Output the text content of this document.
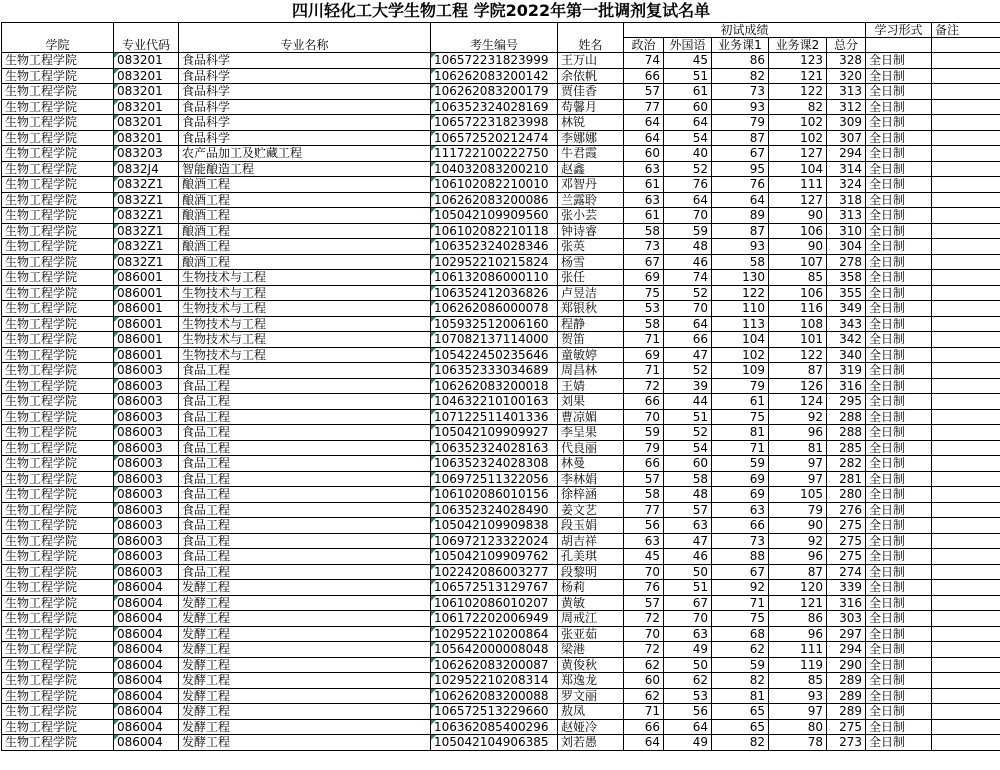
四川轻化工大学生物工程 学院2022年第一批调剂复试名单											
学院	专业代码	专业名称	考生编号	姓名	初试成绩					学习形式	备注
					政治	外国语	业务课1	业务课2	总分		
生物工程学院	083201	食品科学	106572231823999	王万山	74	45	86	123	328	全日制	
生物工程学院	083201	食品科学	106262083200142	余依帆	66	51	82	121	320	全日制	
生物工程学院	083201	食品科学	106262083200179	贾佳香	57	61	73	122	313	全日制	
生物工程学院	083201	食品科学	106352324028169	苟馨月	77	60	93	82	312	全日制	
生物工程学院	083201	食品科学	106572231823998	林锐	64	64	79	102	309	全日制	
生物工程学院	083201	食品科学	106572520212474	李娜娜	64	54	87	102	307	全日制	
生物工程学院	083203	农产品加工及贮藏工程	111722100222750	牛君霞	60	40	67	127	294	全日制	
生物工程学院	0832J4	智能酿造工程	104032083200210	赵鑫	63	52	95	104	314	全日制	
生物工程学院	0832Z1	酿酒工程	106102082210010	邓智丹	61	76	76	111	324	全日制	
生物工程学院	0832Z1	酿酒工程	106262083200086	兰露聆	63	64	64	127	318	全日制	
生物工程学院	0832Z1	酿酒工程	105042109909560	张小芸	61	70	89	90	313	全日制	
生物工程学院	0832Z1	酿酒工程	106102082210118	钟诗睿	58	59	87	106	310	全日制	
生物工程学院	0832Z1	酿酒工程	106352324028346	张英	73	48	93	90	304	全日制	
生物工程学院	0832Z1	酿酒工程	102952210215824	杨雪	67	46	58	107	278	全日制	
生物工程学院	086001	生物技术与工程	106132086000110	张任	69	74	130	85	358	全日制	
生物工程学院	086001	生物技术与工程	106352412036826	卢昱洁	75	52	122	106	355	全日制	
生物工程学院	086001	生物技术与工程	106262086000078	郑银秋	53	70	110	116	349	全日制	
生物工程学院	086001	生物技术与工程	105932512006160	程静	58	64	113	108	343	全日制	
生物工程学院	086001	生物技术与工程	107082137114000	贺笛	71	66	104	101	342	全日制	
生物工程学院	086001	生物技术与工程	105422450235646	童敏婷	69	47	102	122	340	全日制	
生物工程学院	086003	食品工程	106352333034689	周昌林	71	52	109	87	319	全日制	
生物工程学院	086003	食品工程	106262083200018	王婧	72	39	79	126	316	全日制	
生物工程学院	086003	食品工程	104632210100163	刘果	66	44	61	124	295	全日制	
生物工程学院	086003	食品工程	107122511401336	曹凉媚	70	51	75	92	288	全日制	
生物工程学院	086003	食品工程	105042109909927	李呈果	59	52	81	96	288	全日制	
生物工程学院	086003	食品工程	106352324028163	代良丽	79	54	71	81	285	全日制	
生物工程学院	086003	食品工程	106352324028308	林曼	66	60	59	97	282	全日制	
生物工程学院	086003	食品工程	106972511322056	李林娟	57	58	69	97	281	全日制	
生物工程学院	086003	食品工程	106102086010156	徐梓涵	58	48	69	105	280	全日制	
生物工程学院	086003	食品工程	106352324028490	姜文艺	77	57	63	79	276	全日制	
生物工程学院	086003	食品工程	105042109909838	段玉娟	56	63	66	90	275	全日制	
生物工程学院	086003	食品工程	106972123322024	胡吉祥	63	47	73	92	275	全日制	
生物工程学院	086003	食品工程	105042109909762	孔美琪	45	46	88	96	275	全日制	
生物工程学院	086003	食品工程	102242086003277	段黎明	70	50	67	87	274	全日制	
生物工程学院	086004	发酵工程	106572513129767	杨莉	76	51	92	120	339	全日制	
生物工程学院	086004	发酵工程	106102086010207	黄敏	57	67	71	121	316	全日制	
生物工程学院	086004	发酵工程	106172202006949	周戒江	72	70	75	86	303	全日制	
生物工程学院	086004	发酵工程	102952210200864	张亚茹	70	63	68	96	297	全日制	
生物工程学院	086004	发酵工程	105642000008048	梁港	72	49	62	111	294	全日制	
生物工程学院	086004	发酵工程	106262083200087	黄俊秋	62	50	59	119	290	全日制	
生物工程学院	086004	发酵工程	102952210208314	郑逸龙	60	62	82	85	289	全日制	
生物工程学院	086004	发酵工程	106262083200088	罗文丽	62	53	81	93	289	全日制	
生物工程学院	086004	发酵工程	106572513229660	敖凤	71	56	65	97	289	全日制	
生物工程学院	086004	发酵工程	106362085400296	赵娅冷	66	64	65	80	275	全日制	
生物工程学院	086004	发酵工程	105042104906385	刘若愚	64	49	82	78	273	全日制	
